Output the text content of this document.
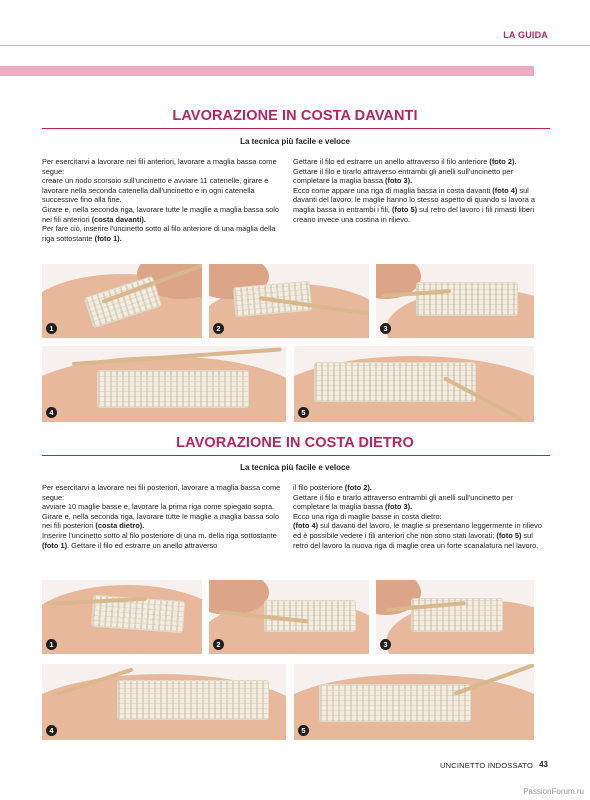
LA GUIDA
LAVORAZIONE IN COSTA DAVANTI
La tecnica più facile e veloce

Per esercitarvi a lavorare nei fili anteriori, lavorare a maglia bassa come segue:

creare un nodo scorsoio sull'uncinetto e avviare 11 catenelle, girare e lavorare nella seconda catenella dall'uncinetto e in ogni catenella successive fino alla fine.

Girare e, nella seconda riga, lavorare tutte le maglie a maglia bassa solo nei fili anteriori (costa davanti).

Per fare ciò, inserire l'uncinetto sotto al filo anteriore di una maglia della riga sottostante (foto 1).

Gettare il filo ed estrarre un anello attraverso il filo anteriore (foto 2).

Gettare il filo e tirarlo attraverso entrambi gli anelli sull'uncinetto per completare la maglia bassa (foto 3).

Ecco come appare una riga di maglia bassa in costa davanti (foto 4) sul davanti del lavoro: le maglie hanno lo stesso aspetto di quando si lavora a maglia bassa in entrambi i fili, (foto 5) sul retro del lavoro i fili rimasti liberi creano invece una costina in rilievo.

1	2	3
4	5
LAVORAZIONE IN COSTA DIETRO
La tecnica più facile e veloce

Per esercitarvi a lavorare nei fili posteriori, lavorare a maglia bassa come segue:

avviare 10 maglie basse e, lavorare la prima riga come spiegato sopra.

Girare e, nella seconda riga, lavorare tutte le maglie a maglia bassa solo nei fili posteriori (costa dietro).

Inserire l'uncinetto sotto al filo posteriore di una m. della riga sottostante (foto 1). Gettare il filo ed estrarre un anello attraverso

il filo posteriore (foto 2).

Gettare il filo e tirarlo attraverso entrambi gli anelli sull'uncinetto per completare la maglia bassa (foto 3).

Ecco una riga di maglie basse in costa dietro:

(foto 4) sul davanti del lavoro, le maglie si presentano leggermente in rilievo ed è possibile vedere i fili anteriori che non sono stati lavorati; (foto 5) sul retro del lavoro la nuova riga di maglie crea un forte scanalatura nel lavoro.

1	2	3
4	5
UNCINETTO INDOSSATO 43
PassionForum.ru
